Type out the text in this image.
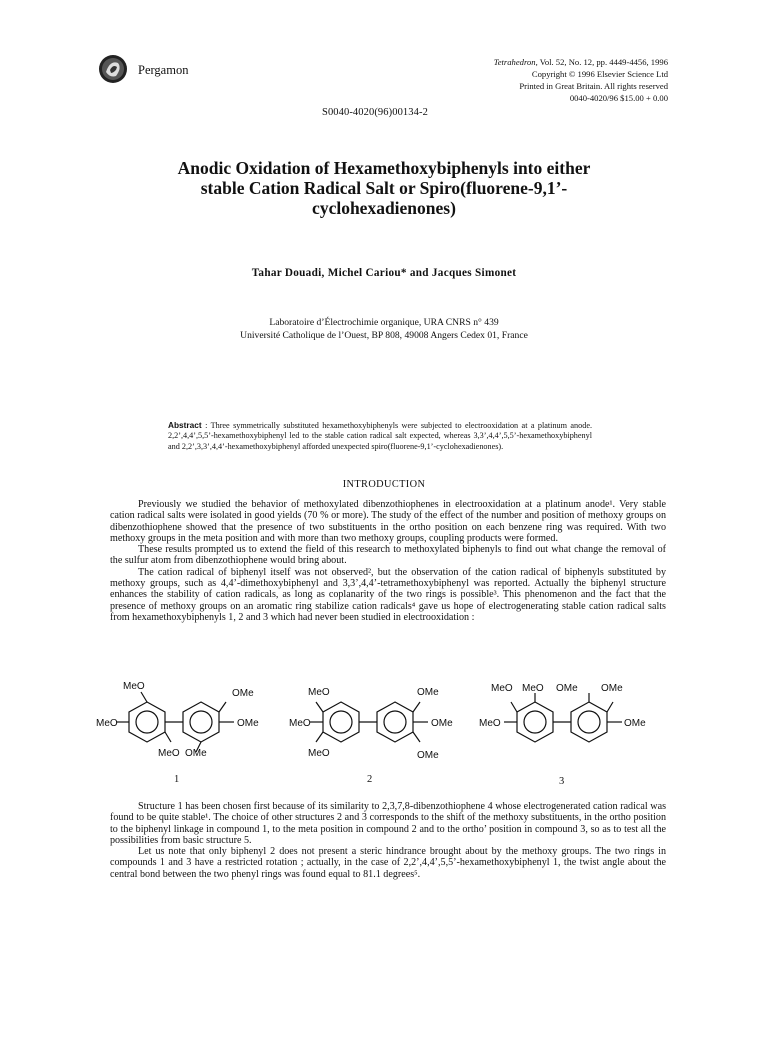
Pergamon
Tetrahedron, Vol. 52, No. 12, pp. 4449-4456, 1996
Copyright © 1996 Elsevier Science Ltd
Printed in Great Britain. All rights reserved
0040-4020/96 $15.00 + 0.00
S0040-4020(96)00134-2
Anodic Oxidation of Hexamethoxybiphenyls into either
stable Cation Radical Salt or Spiro(fluorene-9,1’-
cyclohexadienones)
Tahar Douadi, Michel Cariou* and Jacques Simonet
Laboratoire d’Électrochimie organique, URA CNRS n° 439
Université Catholique de l’Ouest, BP 808, 49008 Angers Cedex 01, France
Abstract : Three symmetrically substituted hexamethoxybiphenyls were subjected to electrooxidation at a platinum anode. 2,2’,4,4’,5,5’-hexamethoxybiphenyl led to the stable cation radical salt expected, whereas 3,3’,4,4’,5,5’-hexamethoxybiphenyl and 2,2’,3,3’,4,4’-hexamethoxybiphenyl afforded unexpected spiro(fluorene-9,1’-cyclohexadienones).
INTRODUCTION

Previously we studied the behavior of methoxylated dibenzothiophenes in electrooxidation at a platinum anode¹. Very stable cation radical salts were isolated in good yields (70 % or more). The study of the effect of the number and position of methoxy groups on dibenzothiophene showed that the presence of two substituents in the ortho position on each benzene ring was required. With two methoxy groups in the meta position and with more than two methoxy groups, coupling products were formed.

These results prompted us to extend the field of this research to methoxylated biphenyls to find out what change the removal of the sulfur atom from dibenzothiophene would bring about.

The cation radical of biphenyl itself was not observed², but the observation of the cation radical of biphenyls substituted by methoxy groups, such as 4,4’-dimethoxybiphenyl and 3,3’,4,4’-tetramethoxybiphenyl was reported. Actually the biphenyl structure enhances the stability of cation radicals, as long as coplanarity of the two rings is possible³. This phenomenon and the fact that the presence of methoxy groups on an aromatic ring stabilize cation radicals⁴ gave us hope of electrogenerating stable cation radical salts from hexamethoxybiphenyls 1, 2 and 3 which had never been studied in electrooxidation :

MeO
MeO
MeO OMe
OMe
OMe
1
MeO
MeO
MeO
OMe
OMe
OMe
2
MeO MeO OMe OMe
MeO	OMe
3

Structure 1 has been chosen first because of its similarity to 2,3,7,8-dibenzothiophene 4 whose electrogenerated cation radical was found to be quite stable¹. The choice of other structures 2 and 3 corresponds to the shift of the methoxy substituents, in the ortho position to the biphenyl linkage in compound 1, to the meta position in compound 2 and to the ortho’ position in compound 3, so as to test all the possibilities from basic structure 5.

Let us note that only biphenyl 2 does not present a steric hindrance brought about by the methoxy groups. The two rings in compounds 1 and 3 have a restricted rotation ; actually, in the case of 2,2’,4,4’,5,5’-hexamethoxybiphenyl 1, the twist angle about the central bond between the two phenyl rings was found equal to 81.1 degrees⁵.
